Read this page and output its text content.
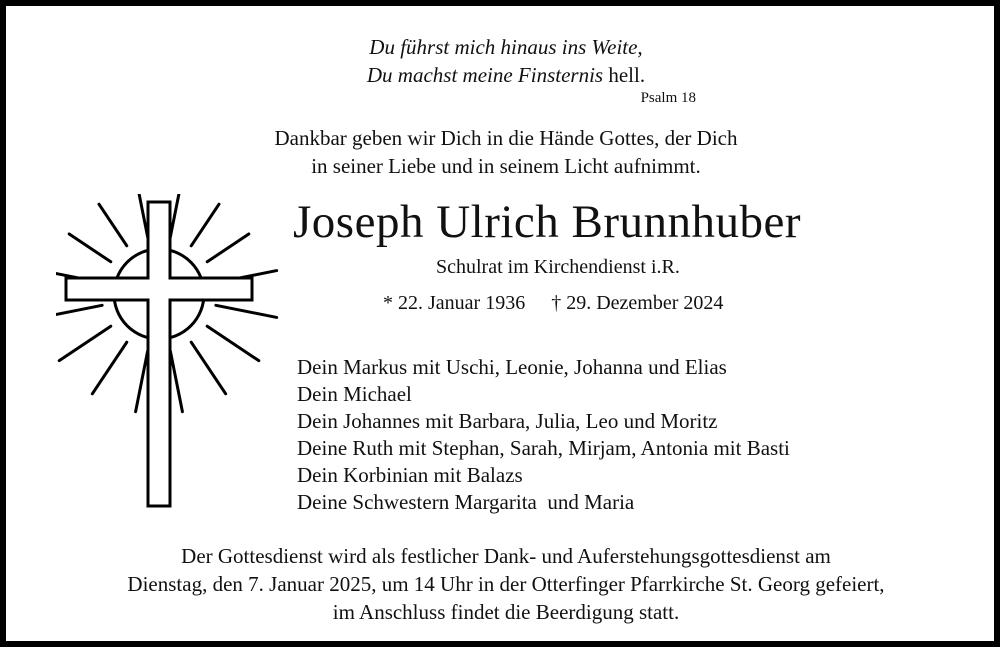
Du führst mich hinaus ins Weite,
Du machst meine Finsternis hell.
Psalm 18
Dankbar geben wir Dich in die Hände Gottes, der Dich
in seiner Liebe und in seinem Licht aufnimmt.
Joseph Ulrich Brunnhuber
Schulrat im Kirchendienst i.R.
* 22. Januar 1936 † 29. Dezember 2024
Dein Markus mit Uschi, Leonie, Johanna und Elias
Dein Michael
Dein Johannes mit Barbara, Julia, Leo und Moritz
Deine Ruth mit Stephan, Sarah, Mirjam, Antonia mit Basti
Dein Korbinian mit Balazs
Deine Schwestern Margarita  und Maria
Der Gottesdienst wird als festlicher Dank- und Auferstehungsgottesdienst am
Dienstag, den 7. Januar 2025, um 14 Uhr in der Otterfinger Pfarrkirche St. Georg gefeiert,
im Anschluss findet die Beerdigung statt.
